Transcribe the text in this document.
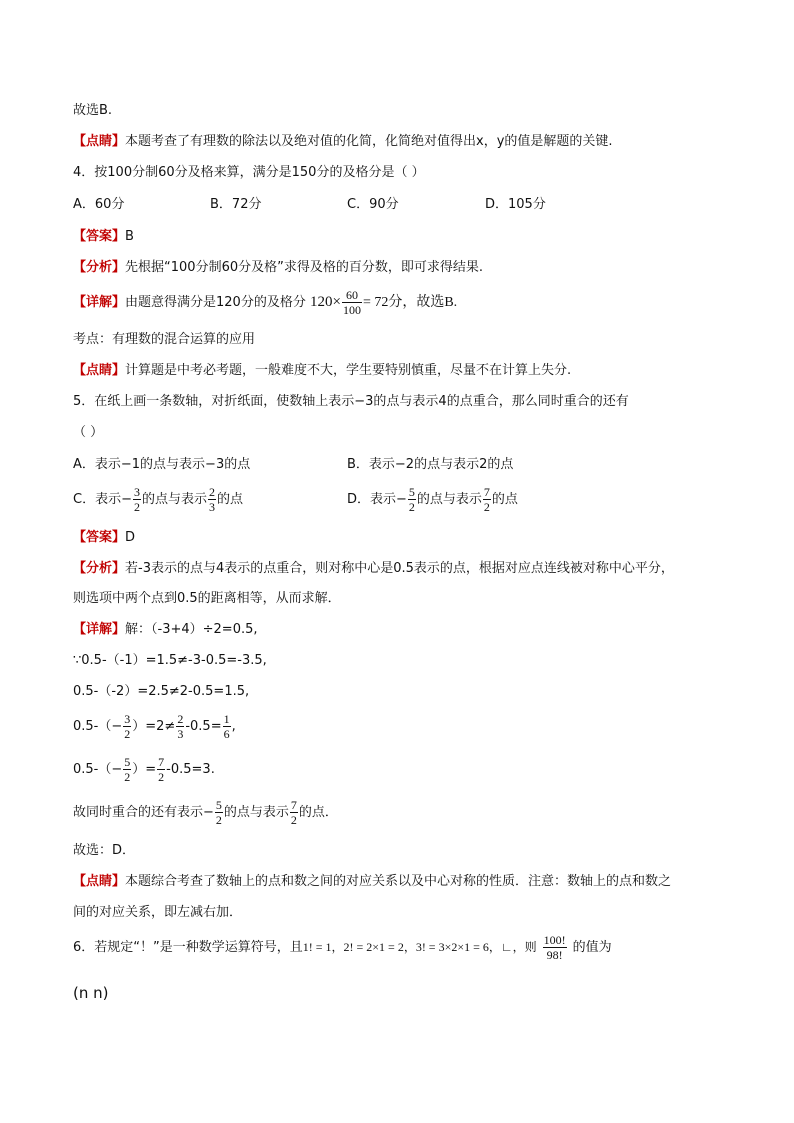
故选B.
【点睛】本题考查了有理数的除法以及绝对值的化简，化简绝对值得出x，y的值是解题的关键.
4．按100分制60分及格来算，满分是150分的及格分是（ ）
A．60分	B．72分	C．90分	D．105分
【答案】B
【分析】先根据“100分制60分及格”求得及格的百分数，即可求得结果.
【详解】由题意得满分是120分的及格分 $120\times \frac{60}{100} = 72$分，故选B.
考点：有理数的混合运算的应用
【点睛】计算题是中考必考题，一般难度不大，学生要特别慎重，尽量不在计算上失分.
5．在纸上画一条数轴，对折纸面，使数轴上表示−3的点与表示4的点重合，那么同时重合的还有
（ ）
A．表示−1的点与表示−3的点	B．表示−2的点与表示2的点
C．表示− $\frac{3}{2}$ 的点与表示 $\frac{2}{3}$ 的点	D．表示− $\frac{5}{2}$ 的点与表示 $\frac{7}{2}$ 的点
【答案】D
【分析】若-3表示的点与4表示的点重合，则对称中心是0.5表示的点，根据对应点连线被对称中心平分，
则选项中两个点到0.5的距离相等，从而求解．
【详解】解：（-3+4）÷2=0.5,
∵0.5-（-1）=1.5≠-3-0.5=-3.5,
0.5-（-2）=2.5≠2-0.5=1.5,
$0.5-(- \frac{3}{2} )=2\ne \frac{2}{3} -0.5= \frac{1}{6}$ ,
$0.5-(- \frac{5}{2}$ ）= $\frac{7}{2} -0.5=3$.
故同时重合的还有表示− $\frac{5}{2}$ 的点与表示 $\frac{7}{2}$ 的点．
故选：D．
【点睛】本题综合考查了数轴上的点和数之间的对应关系以及中心对称的性质．注意：数轴上的点和数之
间的对应关系，即左减右加．
6．若规定“！”是一种数学运算符号，且1! = 1，2! = 2×1 = 2，3! = 3×2×1 = 6，∟，则 $\frac{100!}{98!}$ 的值为
(n n)
